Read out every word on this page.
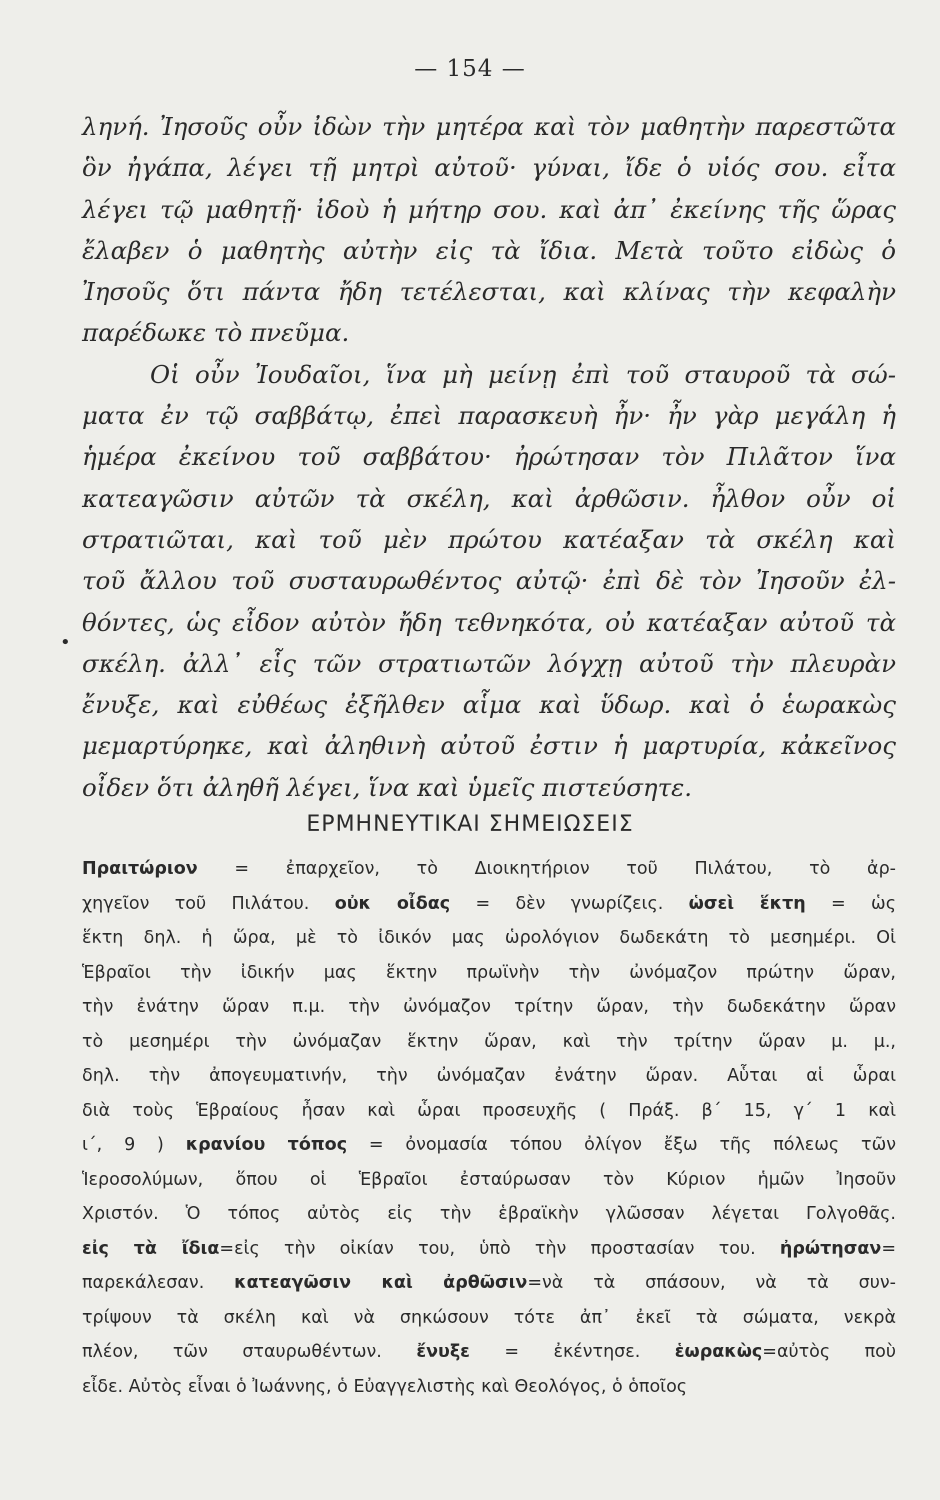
— 154 —
ληνή. Ἰησοῦς οὖν ἰδὼν τὴν μητέρα καὶ τὸν μαθητὴν παρεστῶτα
ὃν ἠγάπα, λέγει τῇ μητρὶ αὐτοῦ· γύναι, ἴδε ὁ υἱός σου. εἶτα
λέγει τῷ μαθητῇ· ἰδοὺ ἡ μήτηρ σου. καὶ ἀπ᾿ ἐκείνης τῆς ὥρας
ἔλαβεν ὁ μαθητὴς αὐτὴν εἰς τὰ ἴδια. Μετὰ τοῦτο εἰδὼς ὁ
Ἰησοῦς ὅτι πάντα ἤδη τετέλεσται, καὶ κλίνας τὴν κεφαλὴν
παρέδωκε τὸ πνεῦμα.
Οἱ οὖν Ἰουδαῖοι, ἵνα μὴ μείνῃ ἐπὶ τοῦ σταυροῦ τὰ σώ-
ματα ἐν τῷ σαββάτῳ, ἐπεὶ παρασκευὴ ἦν· ἦν γὰρ μεγάλη ἡ
ἡμέρα ἐκείνου τοῦ σαββάτου· ἠρώτησαν τὸν Πιλᾶτον ἵνα
κατεαγῶσιν αὐτῶν τὰ σκέλη, καὶ ἀρθῶσιν. ἦλθον οὖν οἱ
στρατιῶται, καὶ τοῦ μὲν πρώτου κατέαξαν τὰ σκέλη καὶ
τοῦ ἄλλου τοῦ συσταυρωθέντος αὐτῷ· ἐπὶ δὲ τὸν Ἰησοῦν ἐλ-
θόντες, ὡς εἶδον αὐτὸν ἤδη τεθνηκότα, οὐ κατέαξαν αὐτοῦ τὰ
σκέλη. ἀλλ᾿ εἷς τῶν στρατιωτῶν λόγχῃ αὐτοῦ τὴν πλευρὰν
ἔνυξε, καὶ εὐθέως ἐξῆλθεν αἷμα καὶ ὕδωρ. καὶ ὁ ἑωρακὼς
μεμαρτύρηκε, καὶ ἀληθινὴ αὐτοῦ ἐστιν ἡ μαρτυρία, κἀκεῖνος
οἶδεν ὅτι ἀληθῆ λέγει, ἵνα καὶ ὑμεῖς πιστεύσητε.
•
ΕΡΜΗΝΕΥΤΙΚΑΙ ΣΗΜΕΙΩΣΕΙΣ
Πραιτώριον = ἐπαρχεῖον, τὸ Διοικητήριον τοῦ Πιλάτου, τὸ ἀρ-
χηγεῖον τοῦ Πιλάτου. οὐκ οἶδας = δὲν γνωρίζεις. ὡσεὶ ἕκτη = ὡς
ἕκτη δηλ. ἡ ὥρα, μὲ τὸ ἰδικόν μας ὡρολόγιον δωδεκάτη τὸ μεσημέρι. Οἱ
Ἑβραῖοι τὴν ἰδικήν μας ἕκτην πρωϊνὴν τὴν ὠνόμαζον πρώτην ὥραν,
τὴν ἐνάτην ὥραν π.μ. τὴν ὠνόμαζον τρίτην ὥραν, τὴν δωδεκάτην ὥραν
τὸ μεσημέρι τὴν ὠνόμαζαν ἕκτην ὥραν, καὶ τὴν τρίτην ὥραν μ. μ.,
δηλ. τὴν ἀπογευματινήν, τὴν ὠνόμαζαν ἐνάτην ὥραν. Αὗται αἱ ὧραι
διὰ τοὺς Ἑβραίους ἦσαν καὶ ὧραι προσευχῆς ( Πράξ. β´ 15, γ´ 1 καὶ
ι´, 9 ) κρανίου τόπος = ὀνομασία τόπου ὀλίγον ἔξω τῆς πόλεως τῶν
Ἱεροσολύμων, ὅπου οἱ Ἑβραῖοι ἐσταύρωσαν τὸν Κύριον ἡμῶν Ἰησοῦν
Χριστόν. Ὁ τόπος αὐτὸς εἰς τὴν ἑβραϊκὴν γλῶσσαν λέγεται Γολγοθᾶς.
εἰς τὰ ἴδια=εἰς τὴν οἰκίαν του, ὑπὸ τὴν προστασίαν του. ἠρώτησαν=
παρεκάλεσαν. κατεαγῶσιν καὶ ἀρθῶσιν=νὰ τὰ σπάσουν, νὰ τὰ συν-
τρίψουν τὰ σκέλη καὶ νὰ σηκώσουν τότε ἀπ᾿ ἐκεῖ τὰ σώματα, νεκρὰ
πλέον, τῶν σταυρωθέντων. ἔνυξε = ἐκέντησε. ἑωρακὼς=αὐτὸς ποὺ
εἶδε. Αὐτὸς εἶναι ὁ Ἰωάννης, ὁ Εὐαγγελιστὴς καὶ Θεολόγος, ὁ ὁποῖος
